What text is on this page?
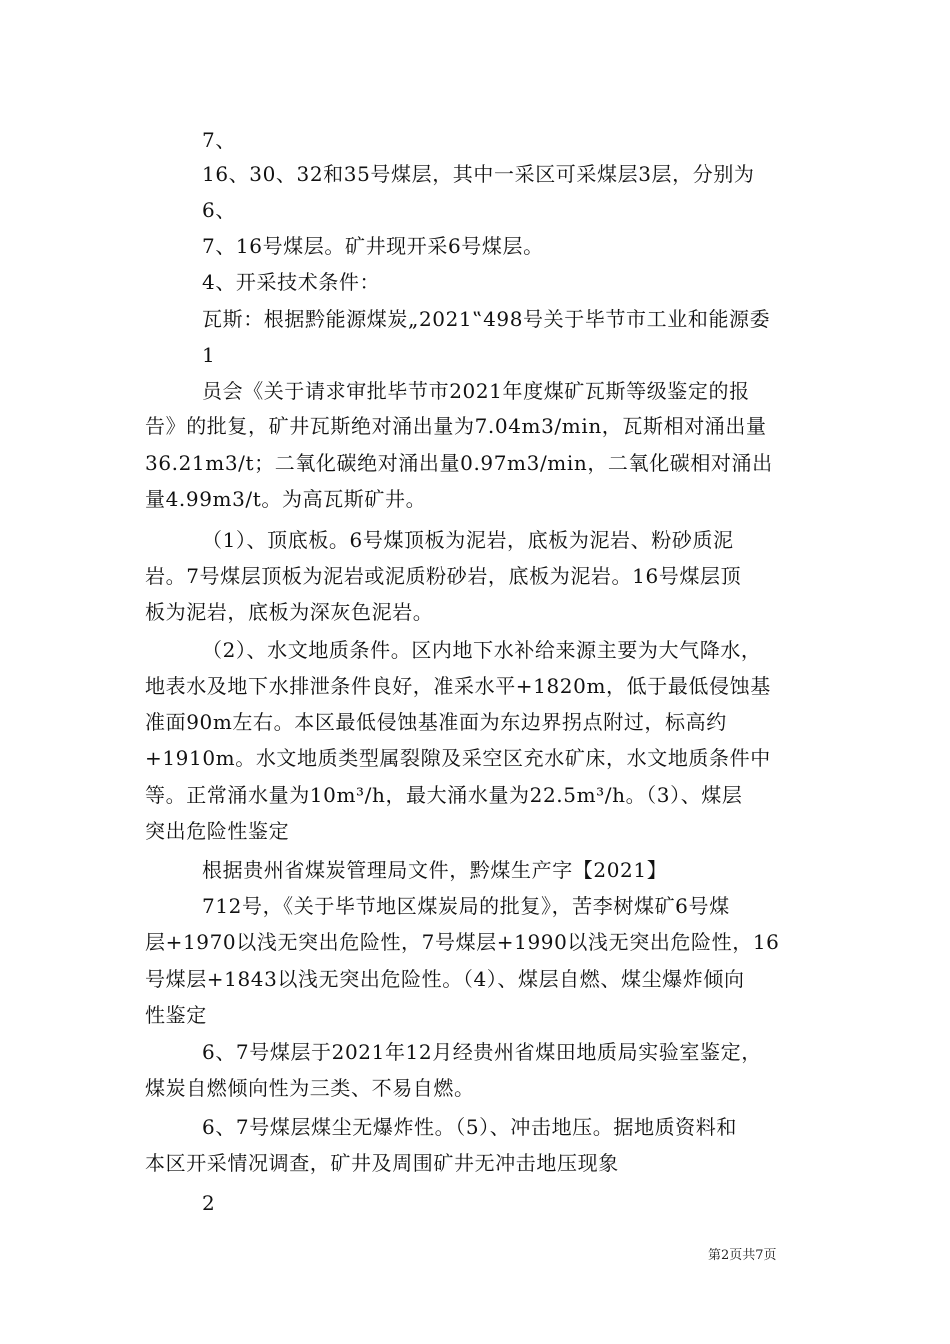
7、
16、30、32和35号煤层，其中一采区可采煤层3层，分别为
6、
7、16号煤层。矿井现开采6号煤层。
4、开采技术条件：
瓦斯：根据黔能源煤炭„2021‟498号关于毕节市工业和能源委
1
员会《关于请求审批毕节市2021年度煤矿瓦斯等级鉴定的报
告》的批复，矿井瓦斯绝对涌出量为7.04m3/min，瓦斯相对涌出量
36.21m3/t；二氧化碳绝对涌出量0.97m3/min，二氧化碳相对涌出
量4.99m3/t。为高瓦斯矿井。
（1）、顶底板。6号煤顶板为泥岩，底板为泥岩、粉砂质泥
岩。7号煤层顶板为泥岩或泥质粉砂岩，底板为泥岩。16号煤层顶
板为泥岩，底板为深灰色泥岩。
（2）、水文地质条件。区内地下水补给来源主要为大气降水，
地表水及地下水排泄条件良好，准采水平+1820m，低于最低侵蚀基
准面90m左右。本区最低侵蚀基准面为东边界拐点附过，标高约
+1910m。水文地质类型属裂隙及采空区充水矿床，水文地质条件中
等。正常涌水量为10m³/h，最大涌水量为22.5m³/h。（3）、煤层
突出危险性鉴定
根据贵州省煤炭管理局文件，黔煤生产字【2021】
712号，《关于毕节地区煤炭局的批复》，苦李树煤矿6号煤
层+1970以浅无突出危险性，7号煤层+1990以浅无突出危险性，16
号煤层+1843以浅无突出危险性。（4）、煤层自燃、煤尘爆炸倾向
性鉴定
6、7号煤层于2021年12月经贵州省煤田地质局实验室鉴定，
煤炭自燃倾向性为三类、不易自燃。
6、7号煤层煤尘无爆炸性。（5）、冲击地压。据地质资料和
本区开采情况调查，矿井及周围矿井无冲击地压现象
2
第2页共7页
